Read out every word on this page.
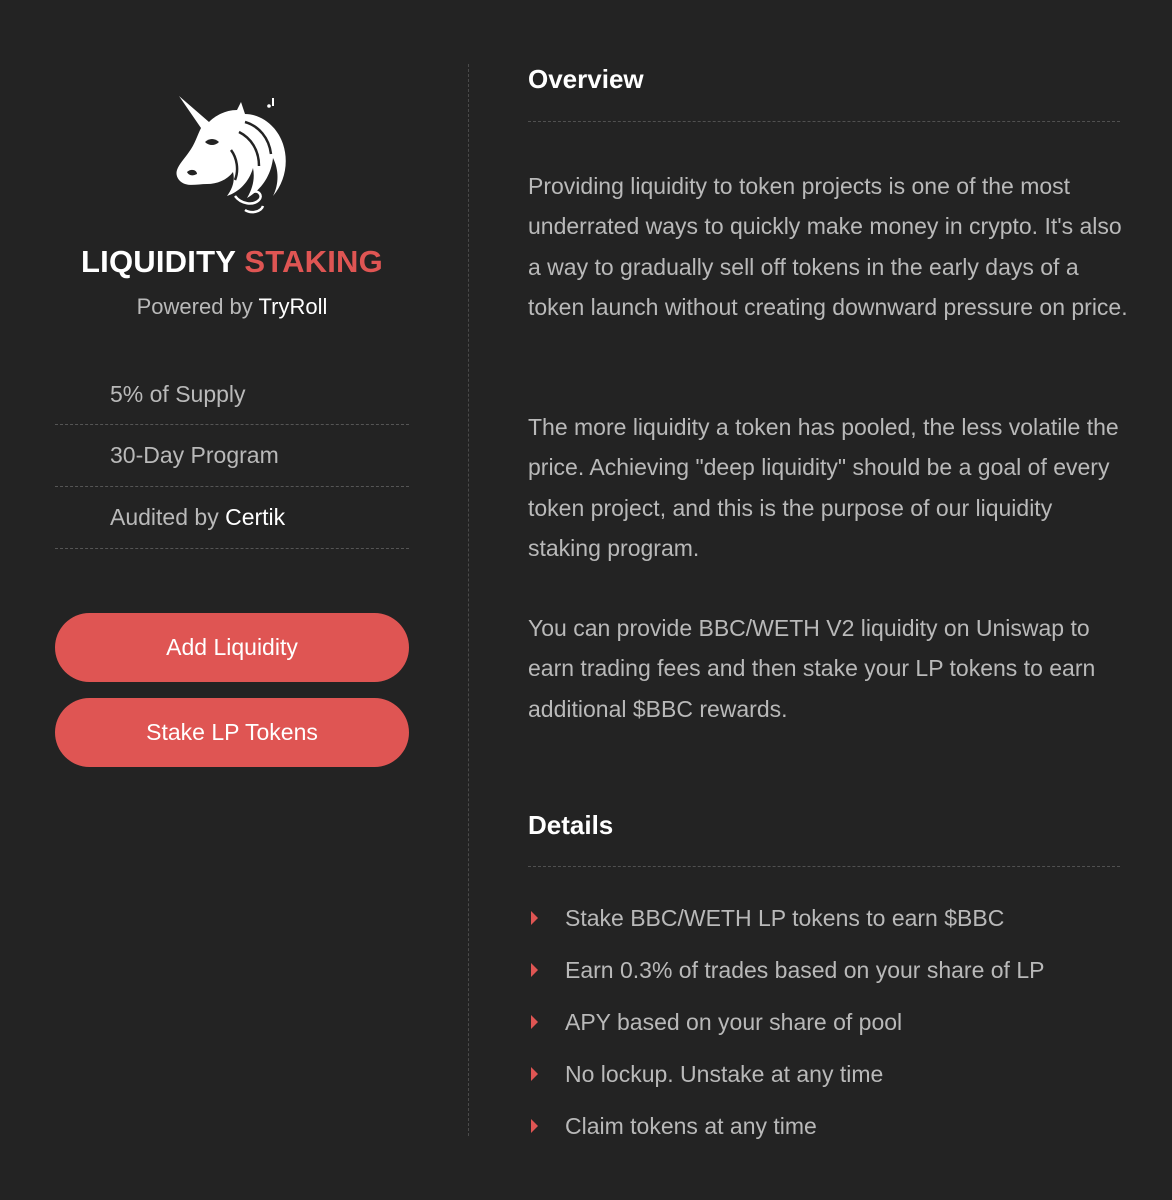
LIQUIDITY STAKING
Powered by TryRoll
5% of Supply
30-Day Program
Audited by Certik
Add Liquidity
Stake LP Tokens
Overview

Providing liquidity to token projects is one of the most underrated ways to quickly make money in crypto. It's also a way to gradually sell off tokens in the early days of a token launch without creating downward pressure on price.

The more liquidity a token has pooled, the less volatile the price. Achieving "deep liquidity" should be a goal of every token project, and this is the purpose of our liquidity staking program.

You can provide BBC/WETH V2 liquidity on Uniswap to earn trading fees and then stake your LP tokens to earn additional $BBC rewards.

Details
Stake BBC/WETH LP tokens to earn $BBC
Earn 0.3% of trades based on your share of LP
APY based on your share of pool
No lockup. Unstake at any time
Claim tokens at any time
